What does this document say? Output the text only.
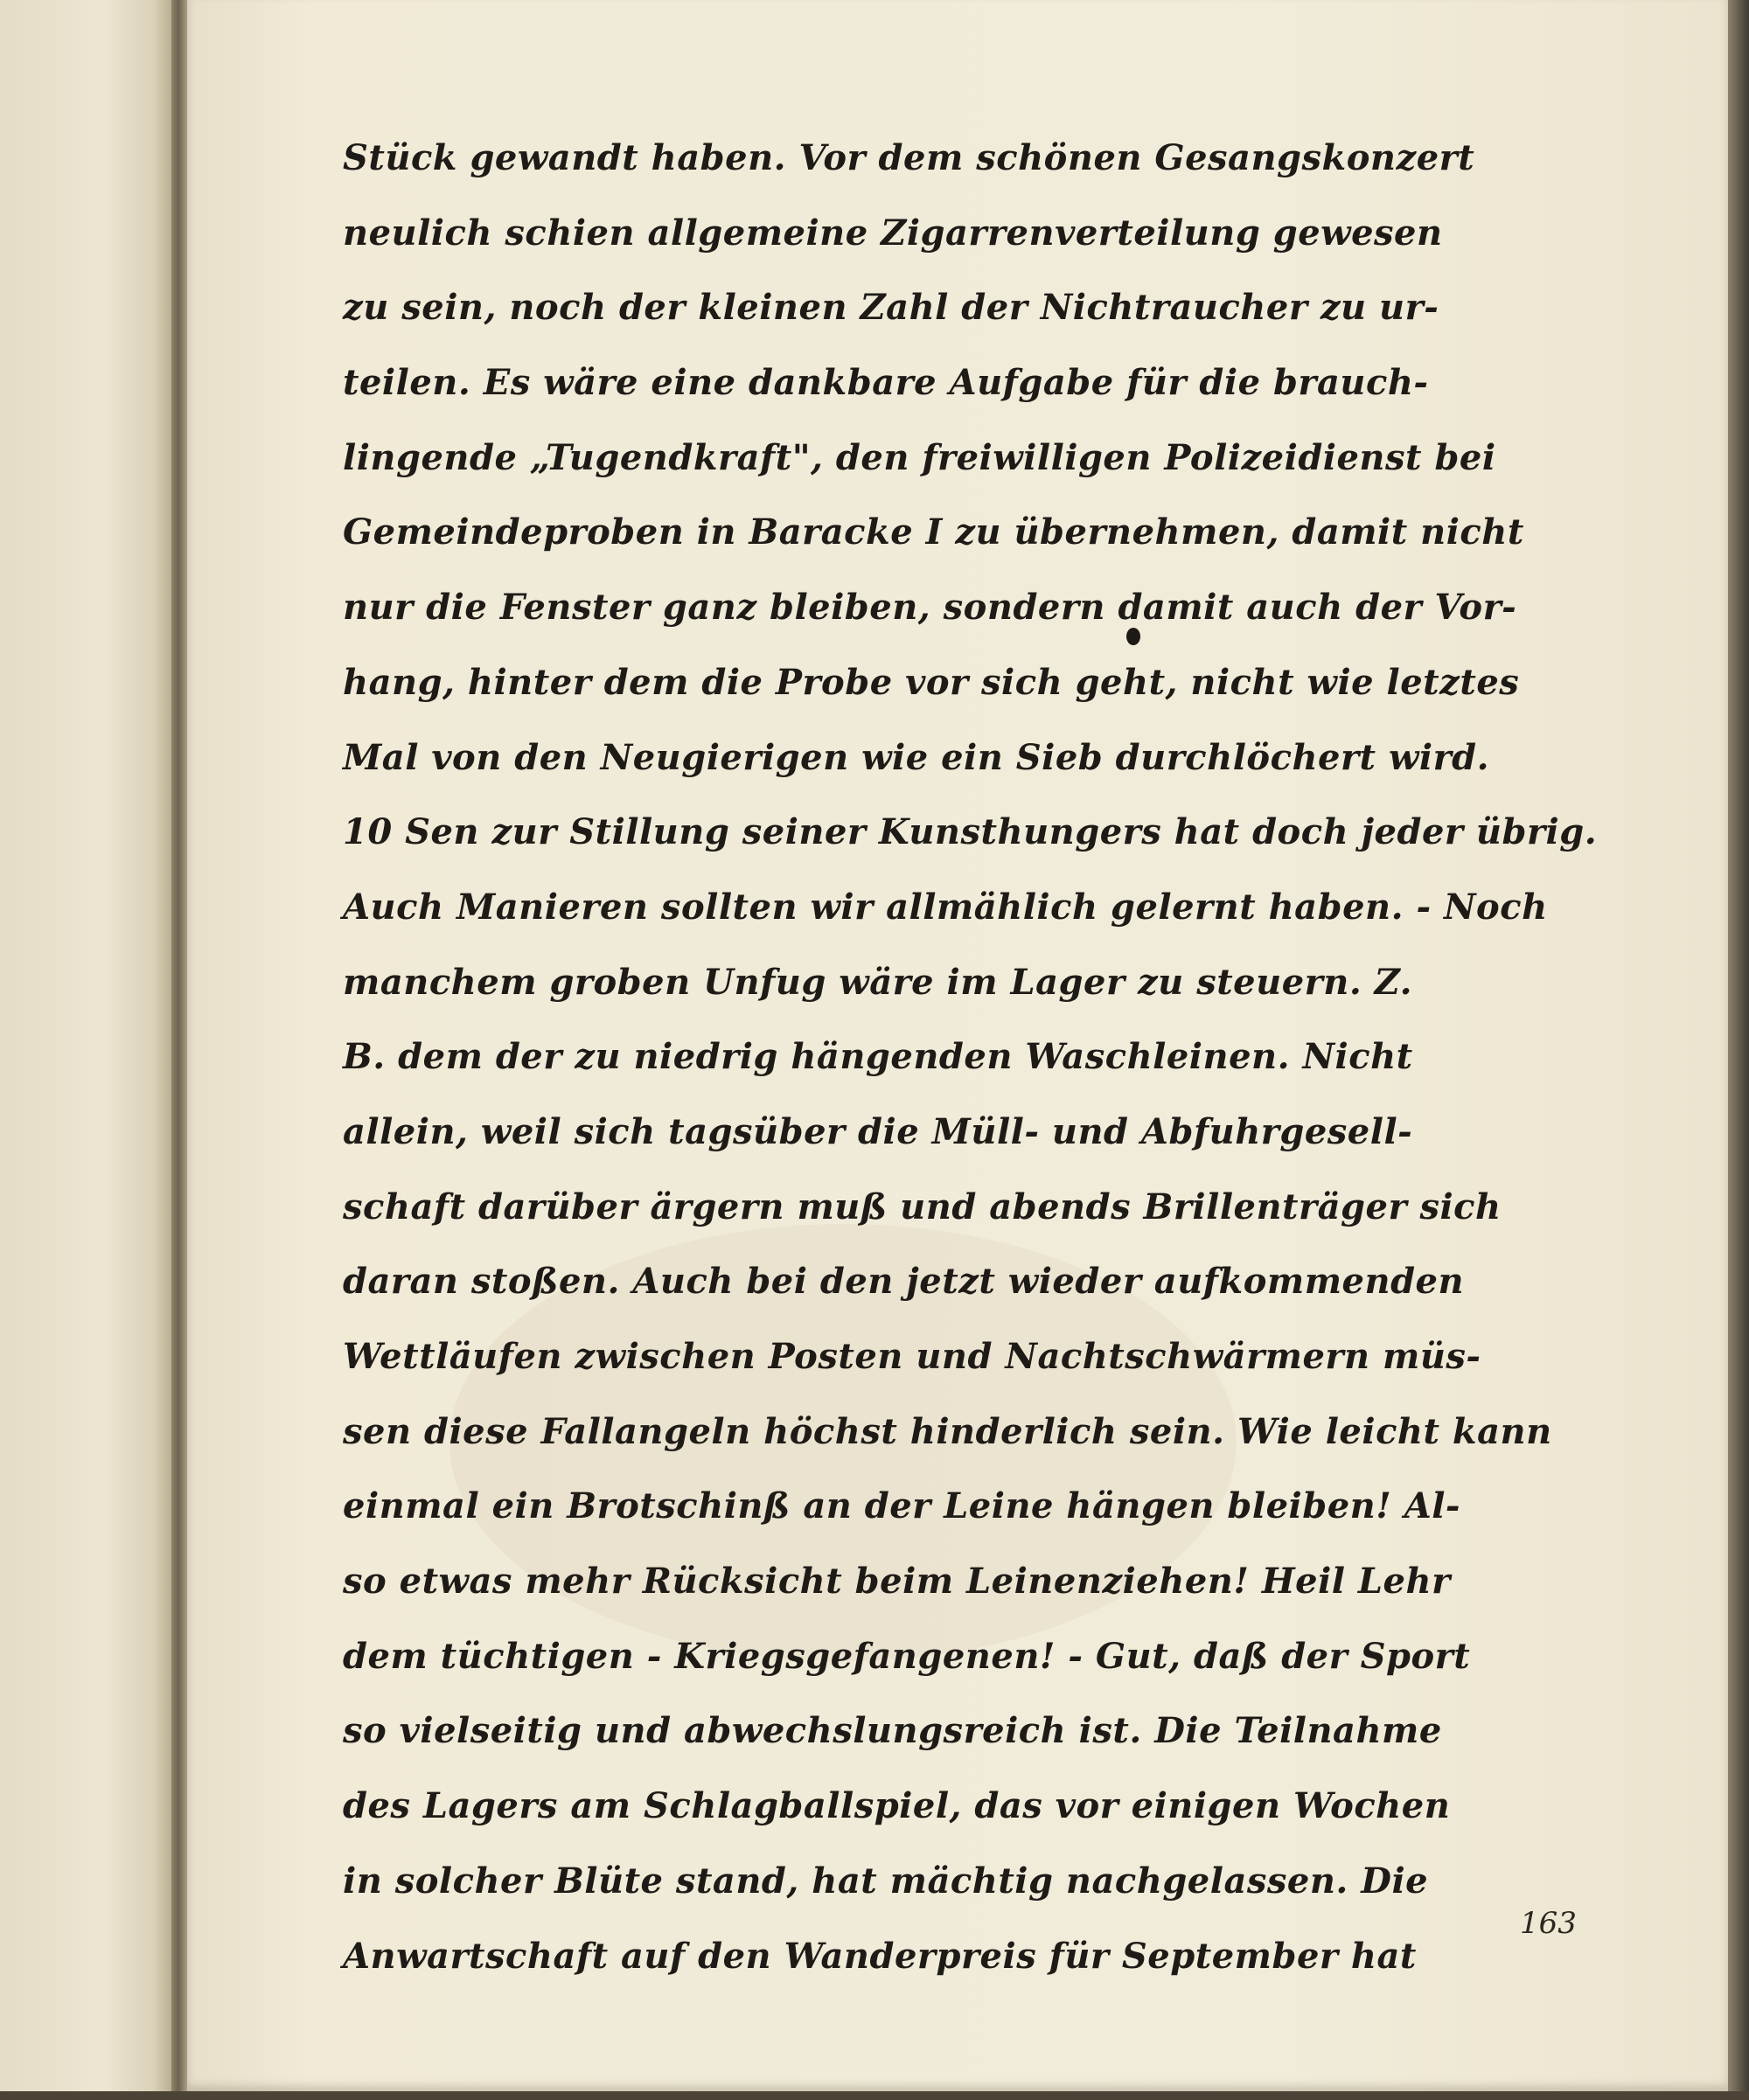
Stück gewandt haben. Vor dem schönen Gesangskonzert
neulich schien allgemeine Zigarrenverteilung gewesen
zu sein, noch der kleinen Zahl der Nichtraucher zu ur-
teilen. Es wäre eine dankbare Aufgabe für die brauch-
lingende „Tugendkraft", den freiwilligen Polizeidienst bei
Gemeindeproben in Baracke I zu übernehmen, damit nicht
nur die Fenster ganz bleiben, sondern damit auch der Vor-
hang, hinter dem die Probe vor sich geht, nicht wie letztes
Mal von den Neugierigen wie ein Sieb durchlöchert wird.
10 Sen zur Stillung seiner Kunsthungers hat doch jeder übrig.
Auch Manieren sollten wir allmählich gelernt haben. - Noch
manchem groben Unfug wäre im Lager zu steuern. Z.
B. dem der zu niedrig hängenden Waschleinen. Nicht
allein, weil sich tagsüber die Müll- und Abfuhrgesell-
schaft darüber ärgern muß und abends Brillenträger sich
daran stoßen. Auch bei den jetzt wieder aufkommenden
Wettläufen zwischen Posten und Nachtschwärmern müs-
sen diese Fallangeln höchst hinderlich sein. Wie leicht kann
einmal ein Brotschinß an der Leine hängen bleiben! Al-
so etwas mehr Rücksicht beim Leinenziehen! Heil Lehr
dem tüchtigen - Kriegsgefangenen! - Gut, daß der Sport
so vielseitig und abwechslungsreich ist. Die Teilnahme
des Lagers am Schlagballspiel, das vor einigen Wochen
in solcher Blüte stand, hat mächtig nachgelassen. Die
Anwartschaft auf den Wanderpreis für September hat
163
